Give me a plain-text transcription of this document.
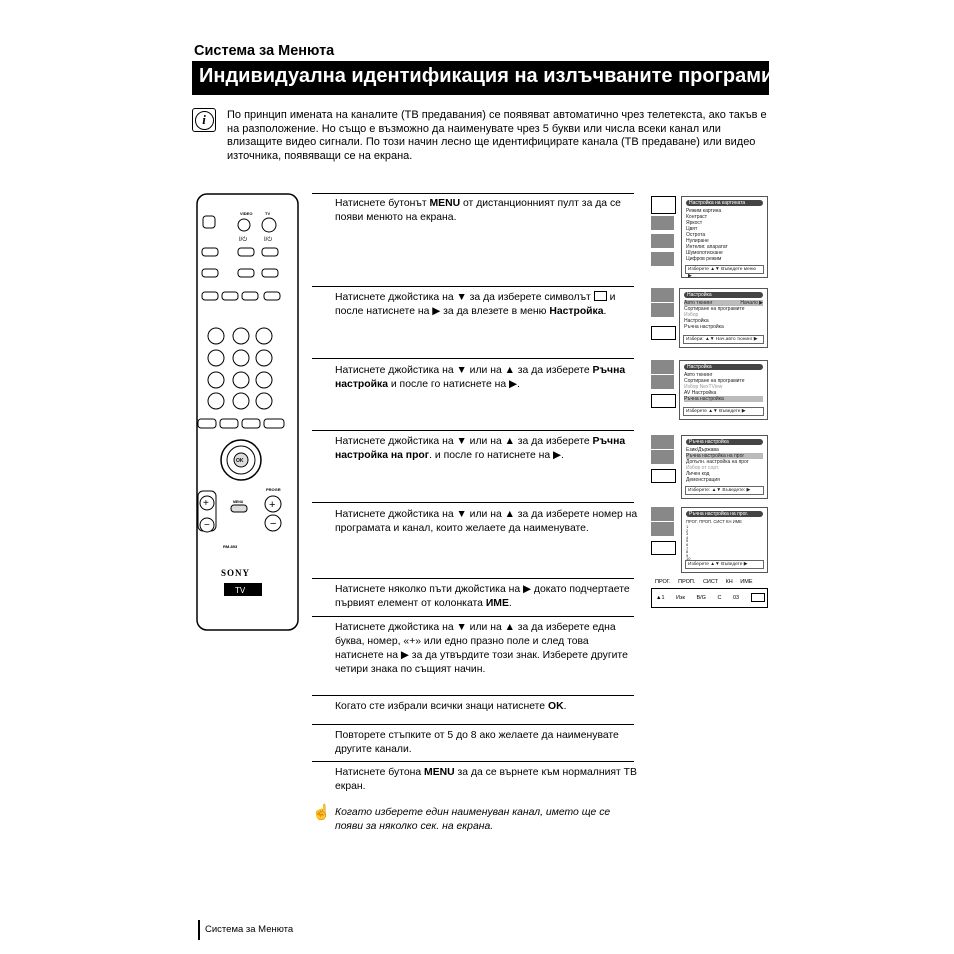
Система за Менюта
Индивидуална идентификация на излъчваните програми
i	По принцип имената на каналите (ТВ предавания) се появяват автоматично чрез телетекста, ако такъв е на разположение. Но също е възможно да наименувате чрез 5 букви или числа всеки канал или влизащите видео сигнали. По този начин лесно ще идентифицирате канала (ТВ предаване) или видео източника, появяващи се на екрана.
VIDEO	TV
I/⏻	I/⏻
OK
PROGR
+
−
+
−
MENU
RM-893
SONY
TV
Натиснете бутонът MENU от дистанционният пулт за да се появи менюто на екрана.
Натиснете джойстика на ▼ за да изберете символът  и после натиснете на ▶ за да влезете в меню Настройка.
Натиснете джойстика на ▼ или на ▲ за да изберете Ръчна настройка и после го натиснете на ▶.
Натиснете джойстика на ▼ или на ▲ за да изберете Ръчна настройка на прог. и после го натиснете на ▶.
Натиснете джойстика на ▼ или на ▲ за да изберете номер на програмата и канал, които желаете да наименувате.
Натиснете няколко пъти джойстика на ▶ докато подчертаете първият елемент от колонката ИМЕ.
Натиснете джойстика на ▼ или на ▲ за да изберете една буква, номер, «+» или едно празно поле и след това натиснете на ▶ за да утвърдите този знак. Изберете другите четири знака по същият начин.
Когато сте избрали всички знаци натиснете OK.
Повторете стъпките от 5 до 8 ако желаете да наименувате другите канали.
Натиснете бутона MENU за да се върнете към нормалният ТВ екран.
Настройка на картината
Режим картина
Контраст
Яркост
Цвят
Острота
Нулиране
Интелиг. апаратат
Шумопотискане
Цифров режим
Изберете ▲▼ Въведете меню ▶
Настройка
Авто тюнинг	Начало ▶
Сортиране на програмите
Избор
Настройка
Ръчна настройка
Избери: ▲▼ Нач.авто тюнинг ▶
Настройка
Авто тюнинг
Сортиране на програмите
Избор NexTView
AV Настройка
Ръчна настройка
Изберете ▲▼ Въведете ▶
Ръчна настройка
Език/Държава
Ръчна настройка на прог
Допълн. настройка на прог
Избор от сорт.
Личен код
Демонстрация
Изберете: ▲▼ Въведете: ▶
Ръчна настройка на прог.
ПРОГ. ПРОП. СИСТ КН ИМЕ
1
2
3
4
5
6
7
8
9
10
Изберете ▲▼ Въведете ▶
ПРОГ. ПРОП. СИСТ КН ИМЕ
▲1 Изк B/G C 03
☝ Когато изберете един наименуван канал, името ще се появи за няколко сек. на екрана.
Система за Менюта
